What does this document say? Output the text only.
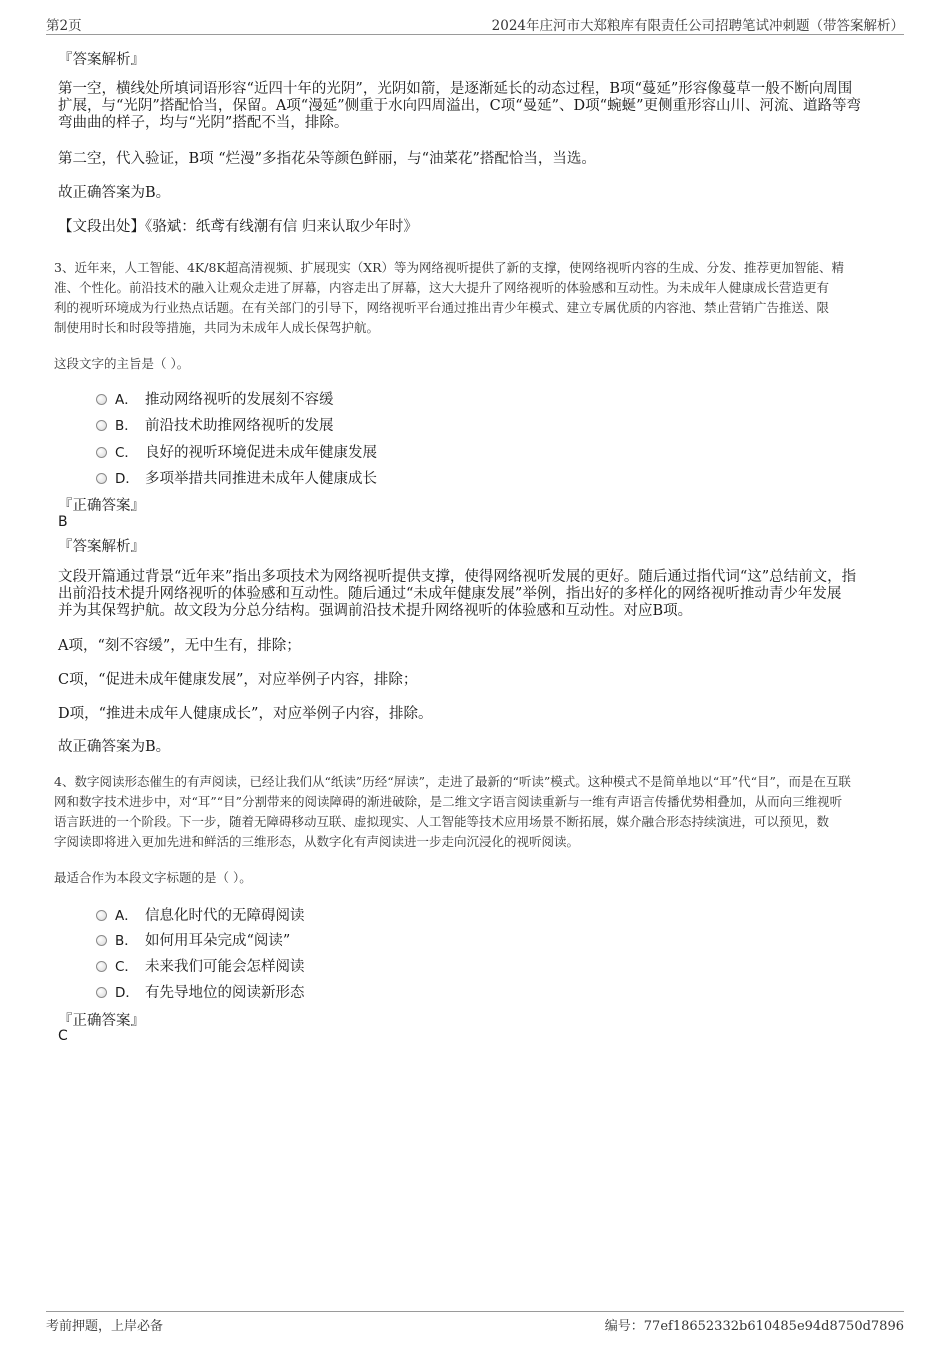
第2页	2024年庄河市大郑粮库有限责任公司招聘笔试冲刺题（带答案解析）
『答案解析』
第一空，横线处所填词语形容“近四十年的光阴”，光阴如箭，是逐渐延长的动态过程，B项“蔓延”形容像蔓草一般不断向周围
扩展，与“光阴”搭配恰当，保留。A项“漫延”侧重于水向四周溢出，C项“曼延”、D项“蜿蜒”更侧重形容山川、河流、道路等弯
弯曲曲的样子，均与“光阴”搭配不当，排除。
第二空，代入验证，B项 “烂漫”多指花朵等颜色鲜丽，与“油菜花”搭配恰当，当选。
故正确答案为B。
【文段出处】《骆斌：纸鸢有线潮有信 归来认取少年时》
3、近年来，人工智能、4K/8K超高清视频、扩展现实（XR）等为网络视听提供了新的支撑，使网络视听内容的生成、分发、推荐更加智能、精
准、个性化。前沿技术的融入让观众走进了屏幕，内容走出了屏幕，这大大提升了网络视听的体验感和互动性。为未成年人健康成长营造更有
利的视听环境成为行业热点话题。在有关部门的引导下，网络视听平台通过推出青少年模式、建立专属优质的内容池、禁止营销广告推送、限
制使用时长和时段等措施，共同为未成年人成长保驾护航。
这段文字的主旨是（ ）。
A． 推动网络视听的发展刻不容缓
B． 前沿技术助推网络视听的发展
C． 良好的视听环境促进未成年健康发展
D． 多项举措共同推进未成年人健康成长
『正确答案』
B
『答案解析』
文段开篇通过背景“近年来”指出多项技术为网络视听提供支撑，使得网络视听发展的更好。随后通过指代词“这”总结前文，指
出前沿技术提升网络视听的体验感和互动性。随后通过“未成年健康发展”举例，指出好的多样化的网络视听推动青少年发展
并为其保驾护航。故文段为分总分结构。强调前沿技术提升网络视听的体验感和互动性。对应B项。
A项，“刻不容缓”，无中生有，排除；
C项，“促进未成年健康发展”，对应举例子内容，排除；
D项，“推进未成年人健康成长”，对应举例子内容，排除。
故正确答案为B。
4、数字阅读形态催生的有声阅读，已经让我们从“纸读”历经“屏读”，走进了最新的“听读”模式。这种模式不是简单地以“耳”代“目”，而是在互联
网和数字技术进步中，对“耳”“目”分割带来的阅读障碍的渐进破除，是二维文字语言阅读重新与一维有声语言传播优势相叠加，从而向三维视听
语言跃进的一个阶段。下一步，随着无障碍移动互联、虚拟现实、人工智能等技术应用场景不断拓展，媒介融合形态持续演进，可以预见，数
字阅读即将进入更加先进和鲜活的三维形态，从数字化有声阅读进一步走向沉浸化的视听阅读。
最适合作为本段文字标题的是（ ）。
A． 信息化时代的无障碍阅读
B． 如何用耳朵完成“阅读”
C． 未来我们可能会怎样阅读
D． 有先导地位的阅读新形态
『正确答案』
C
考前押题，上岸必备	编号：77ef18652332b610485e94d8750d7896
